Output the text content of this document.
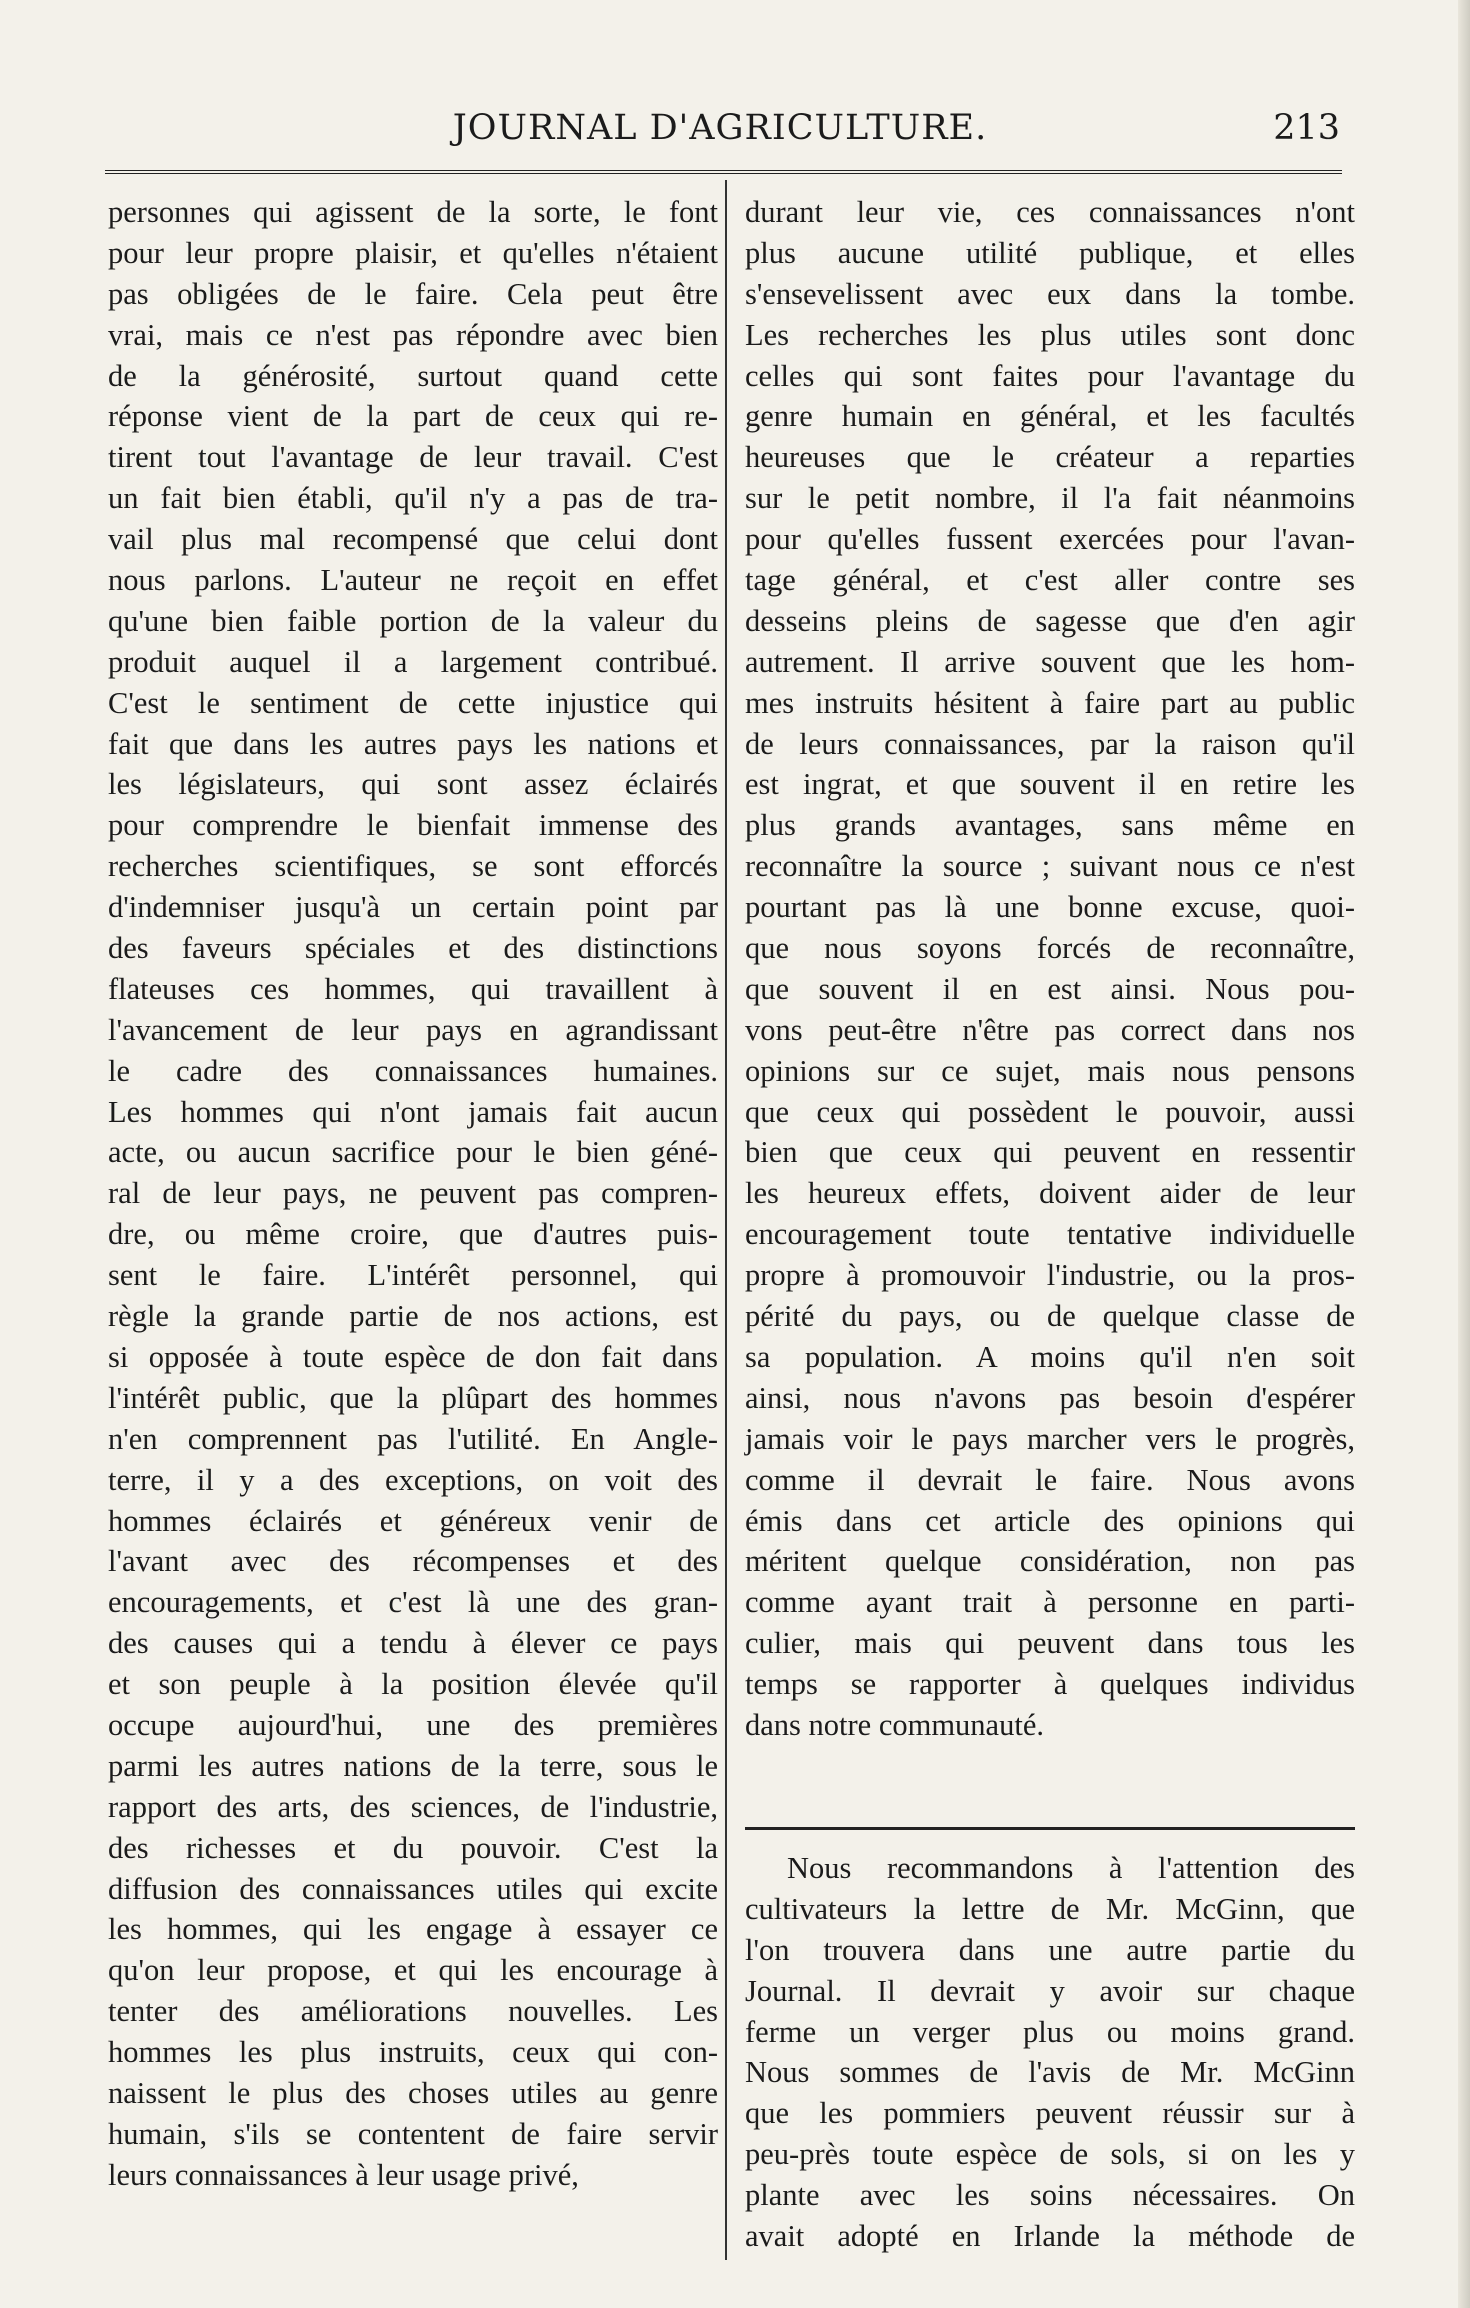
JOURNAL D'AGRICULTURE.	213
personnes qui agissent de la sorte, le font
pour leur propre plaisir, et qu'elles n'étaient
pas obligées de le faire. Cela peut être
vrai, mais ce n'est pas répondre avec bien
de la générosité, surtout quand cette
réponse vient de la part de ceux qui re-
tirent tout l'avantage de leur travail. C'est
un fait bien établi, qu'il n'y a pas de tra-
vail plus mal recompensé que celui dont
nous parlons. L'auteur ne reçoit en effet
qu'une bien faible portion de la valeur du
produit auquel il a largement contribué.
C'est le sentiment de cette injustice qui
fait que dans les autres pays les nations et
les législateurs, qui sont assez éclairés
pour comprendre le bienfait immense des
recherches scientifiques, se sont efforcés
d'indemniser jusqu'à un certain point par
des faveurs spéciales et des distinctions
flateuses ces hommes, qui travaillent à
l'avancement de leur pays en agrandissant
le cadre des connaissances humaines.
Les hommes qui n'ont jamais fait aucun
acte, ou aucun sacrifice pour le bien géné-
ral de leur pays, ne peuvent pas compren-
dre, ou même croire, que d'autres puis-
sent le faire. L'intérêt personnel, qui
règle la grande partie de nos actions, est
si opposée à toute espèce de don fait dans
l'intérêt public, que la plûpart des hommes
n'en comprennent pas l'utilité. En Angle-
terre, il y a des exceptions, on voit des
hommes éclairés et généreux venir de
l'avant avec des récompenses et des
encouragements, et c'est là une des gran-
des causes qui a tendu à élever ce pays
et son peuple à la position élevée qu'il
occupe aujourd'hui, une des premières
parmi les autres nations de la terre, sous le
rapport des arts, des sciences, de l'industrie,
des richesses et du pouvoir. C'est la
diffusion des connaissances utiles qui excite
les hommes, qui les engage à essayer ce
qu'on leur propose, et qui les encourage à
tenter des améliorations nouvelles. Les
hommes les plus instruits, ceux qui con-
naissent le plus des choses utiles au genre
humain, s'ils se contentent de faire servir
leurs connaissances à leur usage privé,
durant leur vie, ces connaissances n'ont
plus aucune utilité publique, et elles
s'ensevelissent avec eux dans la tombe.
Les recherches les plus utiles sont donc
celles qui sont faites pour l'avantage du
genre humain en général, et les facultés
heureuses que le créateur a reparties
sur le petit nombre, il l'a fait néanmoins
pour qu'elles fussent exercées pour l'avan-
tage général, et c'est aller contre ses
desseins pleins de sagesse que d'en agir
autrement. Il arrive souvent que les hom-
mes instruits hésitent à faire part au public
de leurs connaissances, par la raison qu'il
est ingrat, et que souvent il en retire les
plus grands avantages, sans même en
reconnaître la source ; suivant nous ce n'est
pourtant pas là une bonne excuse, quoi-
que nous soyons forcés de reconnaître,
que souvent il en est ainsi. Nous pou-
vons peut-être n'être pas correct dans nos
opinions sur ce sujet, mais nous pensons
que ceux qui possèdent le pouvoir, aussi
bien que ceux qui peuvent en ressentir
les heureux effets, doivent aider de leur
encouragement toute tentative individuelle
propre à promouvoir l'industrie, ou la pros-
périté du pays, ou de quelque classe de
sa population. A moins qu'il n'en soit
ainsi, nous n'avons pas besoin d'espérer
jamais voir le pays marcher vers le progrès,
comme il devrait le faire. Nous avons
émis dans cet article des opinions qui
méritent quelque considération, non pas
comme ayant trait à personne en parti-
culier, mais qui peuvent dans tous les
temps se rapporter à quelques individus
dans notre communauté.
Nous recommandons à l'attention des
cultivateurs la lettre de Mr. McGinn, que
l'on trouvera dans une autre partie du
Journal. Il devrait y avoir sur chaque
ferme un verger plus ou moins grand.
Nous sommes de l'avis de Mr. McGinn
que les pommiers peuvent réussir sur à
peu-près toute espèce de sols, si on les y
plante avec les soins nécessaires. On
avait adopté en Irlande la méthode de
